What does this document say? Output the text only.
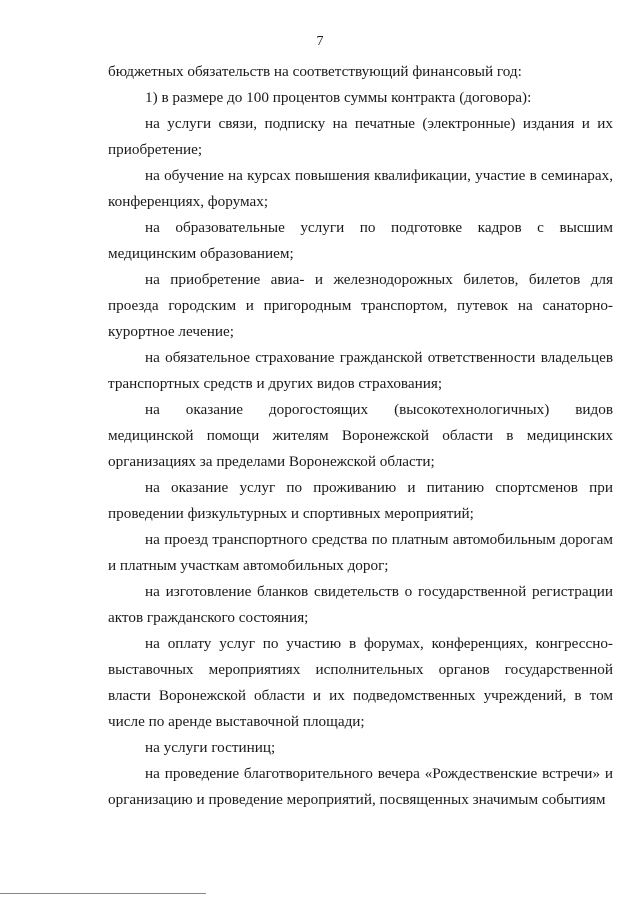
7

бюджетных обязательств на соответствующий финансовый год:

1) в размере до 100 процентов суммы контракта (договора):

на услуги связи, подписку на печатные (электронные) издания и их приобретение;

на обучение на курсах повышения квалификации, участие в семинарах, конференциях, форумах;

на образовательные услуги по подготовке кадров с высшим медицинским образованием;

на приобретение авиа- и железнодорожных билетов, билетов для проезда городским и пригородным транспортом, путевок на санаторно-курортное лечение;

на обязательное страхование гражданской ответственности владельцев транспортных средств и других видов страхования;

на оказание дорогостоящих (высокотехнологичных) видов медицинской помощи жителям Воронежской области в медицинских организациях за пределами Воронежской области;

на оказание услуг по проживанию и питанию спортсменов при проведении физкультурных и спортивных мероприятий;

на проезд транспортного средства по платным автомобильным дорогам и платным участкам автомобильных дорог;

на изготовление бланков свидетельств о государственной регистрации актов гражданского состояния;

на оплату услуг по участию в форумах, конференциях, конгрессно-выставочных мероприятиях исполнительных органов государственной власти Воронежской области и их подведомственных учреждений, в том числе по аренде выставочной площади;

на услуги гостиниц;

на проведение благотворительного вечера «Рождественские встречи» и организацию и проведение мероприятий, посвященных значимым событиям
